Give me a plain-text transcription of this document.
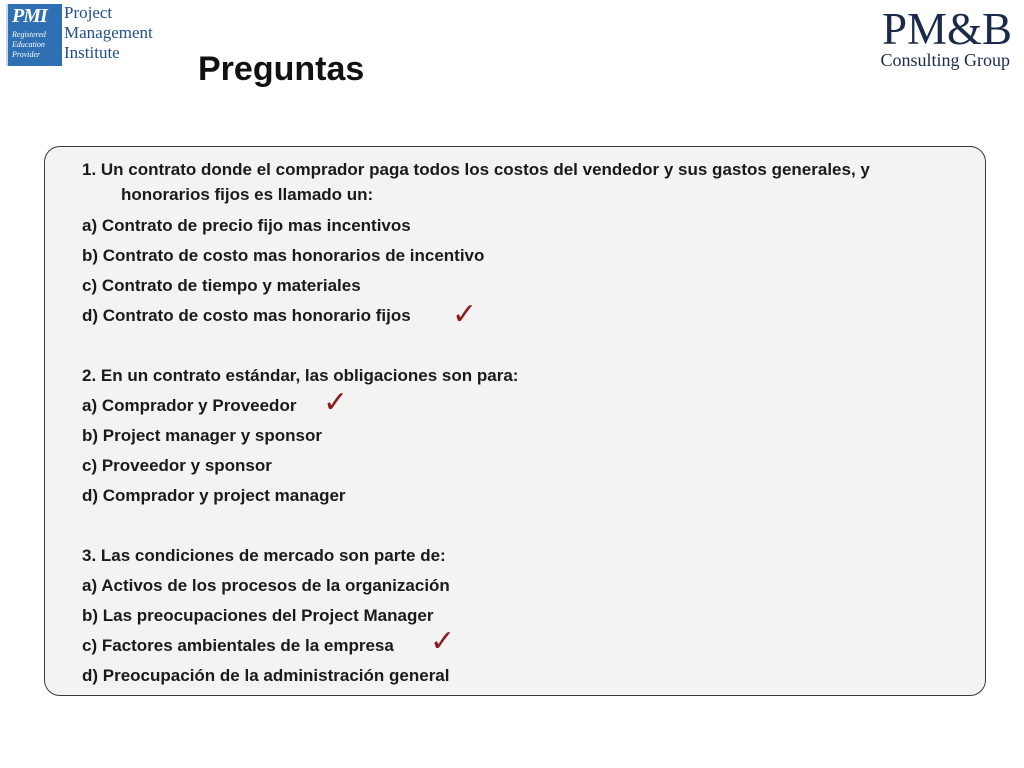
PMI
Registered
Education
Provider
Project
Management
Institute	PM&B
Consulting Group
Preguntas
1. Un contrato donde el comprador paga todos los costos del vendedor y sus gastos generales, y
honorarios fijos es llamado un:
a) Contrato de precio fijo mas incentivos
b) Contrato de costo mas honorarios de incentivo
c) Contrato de tiempo y materiales
d) Contrato de costo mas honorario fijos ✓
2. En un contrato estándar, las obligaciones son para:
a) Comprador y Proveedor ✓
b) Project manager y sponsor
c) Proveedor y sponsor
d) Comprador y project manager
3. Las condiciones de mercado son parte de:
a) Activos de los procesos de la organización
b) Las preocupaciones del Project Manager
c) Factores ambientales de la empresa ✓
d) Preocupación de la administración general
